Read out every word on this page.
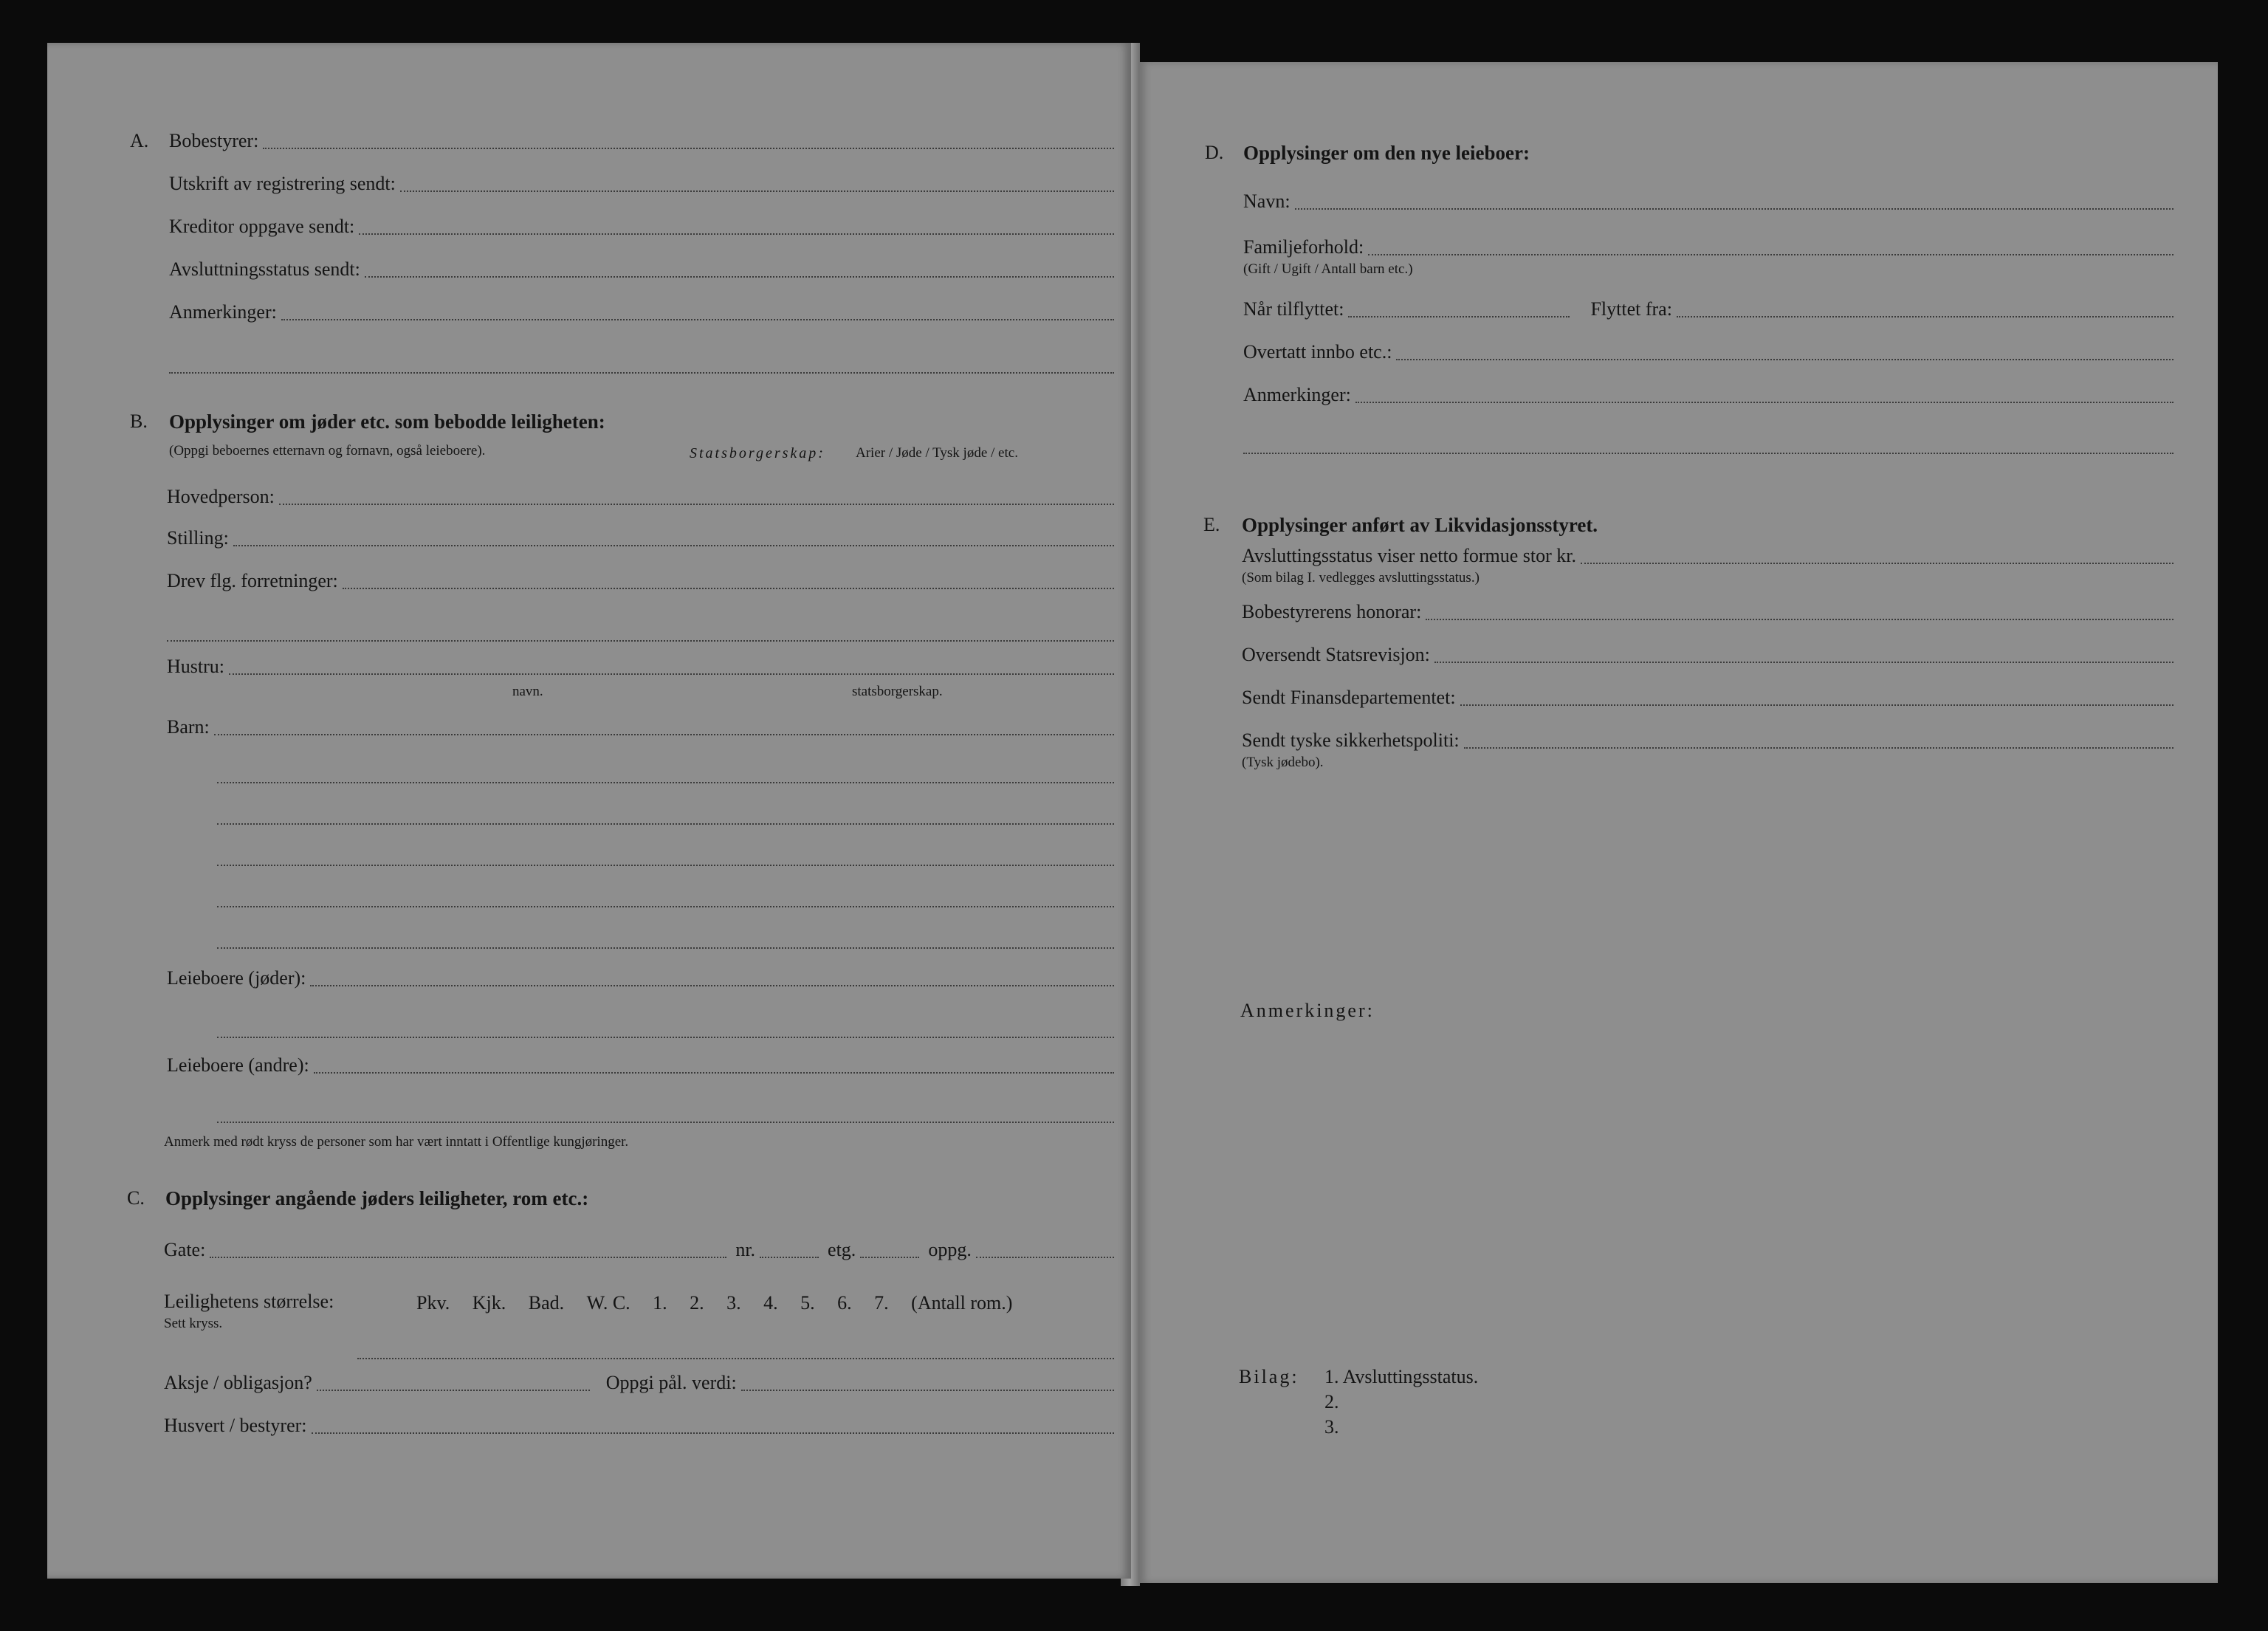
A. Bobestyrer:
Utskrift av registrering sendt:
Kreditor oppgave sendt:
Avsluttningsstatus sendt:
Anmerkinger:
B. Opplysinger om jøder etc. som bebodde leiligheten:
(Oppgi beboernes etternavn og fornavn, også leieboere).	Statsborgerskap: Arier / Jøde / Tysk jøde / etc.
Hovedperson:
Stilling:
Drev flg. forretninger:
Hustru:
navn.	statsborgerskap.
Barn:
Leieboere (jøder):
Leieboere (andre):
Anmerk med rødt kryss de personer som har vært inntatt i Offentlige kungjøringer.
C. Opplysinger angående jøders leiligheter, rom etc.:
Gate:	nr.	etg.	oppg.
Leilighetens størrelse:
Sett kryss.
Pkv. Kjk. Bad. W. C. 1. 2. 3. 4. 5. 6. 7. (Antall rom.)
Aksje / obligasjon?	Oppgi pål. verdi:
Husvert / bestyrer:
D. Opplysinger om den nye leieboer:
Navn:
Familjeforhold:
(Gift / Ugift / Antall barn etc.)
Når tilflyttet:	Flyttet fra:
Overtatt innbo etc.:
Anmerkinger:
E. Opplysinger anført av Likvidasjonsstyret.
Avsluttingsstatus viser netto formue stor kr.
(Som bilag I. vedlegges avsluttingsstatus.)
Bobestyrerens honorar:
Oversendt Statsrevisjon:
Sendt Finansdepartementet:
Sendt tyske sikkerhetspoliti:
(Tysk jødebo).
Anmerkinger:
Bilag: 1. Avsluttingsstatus.
2.
3.
